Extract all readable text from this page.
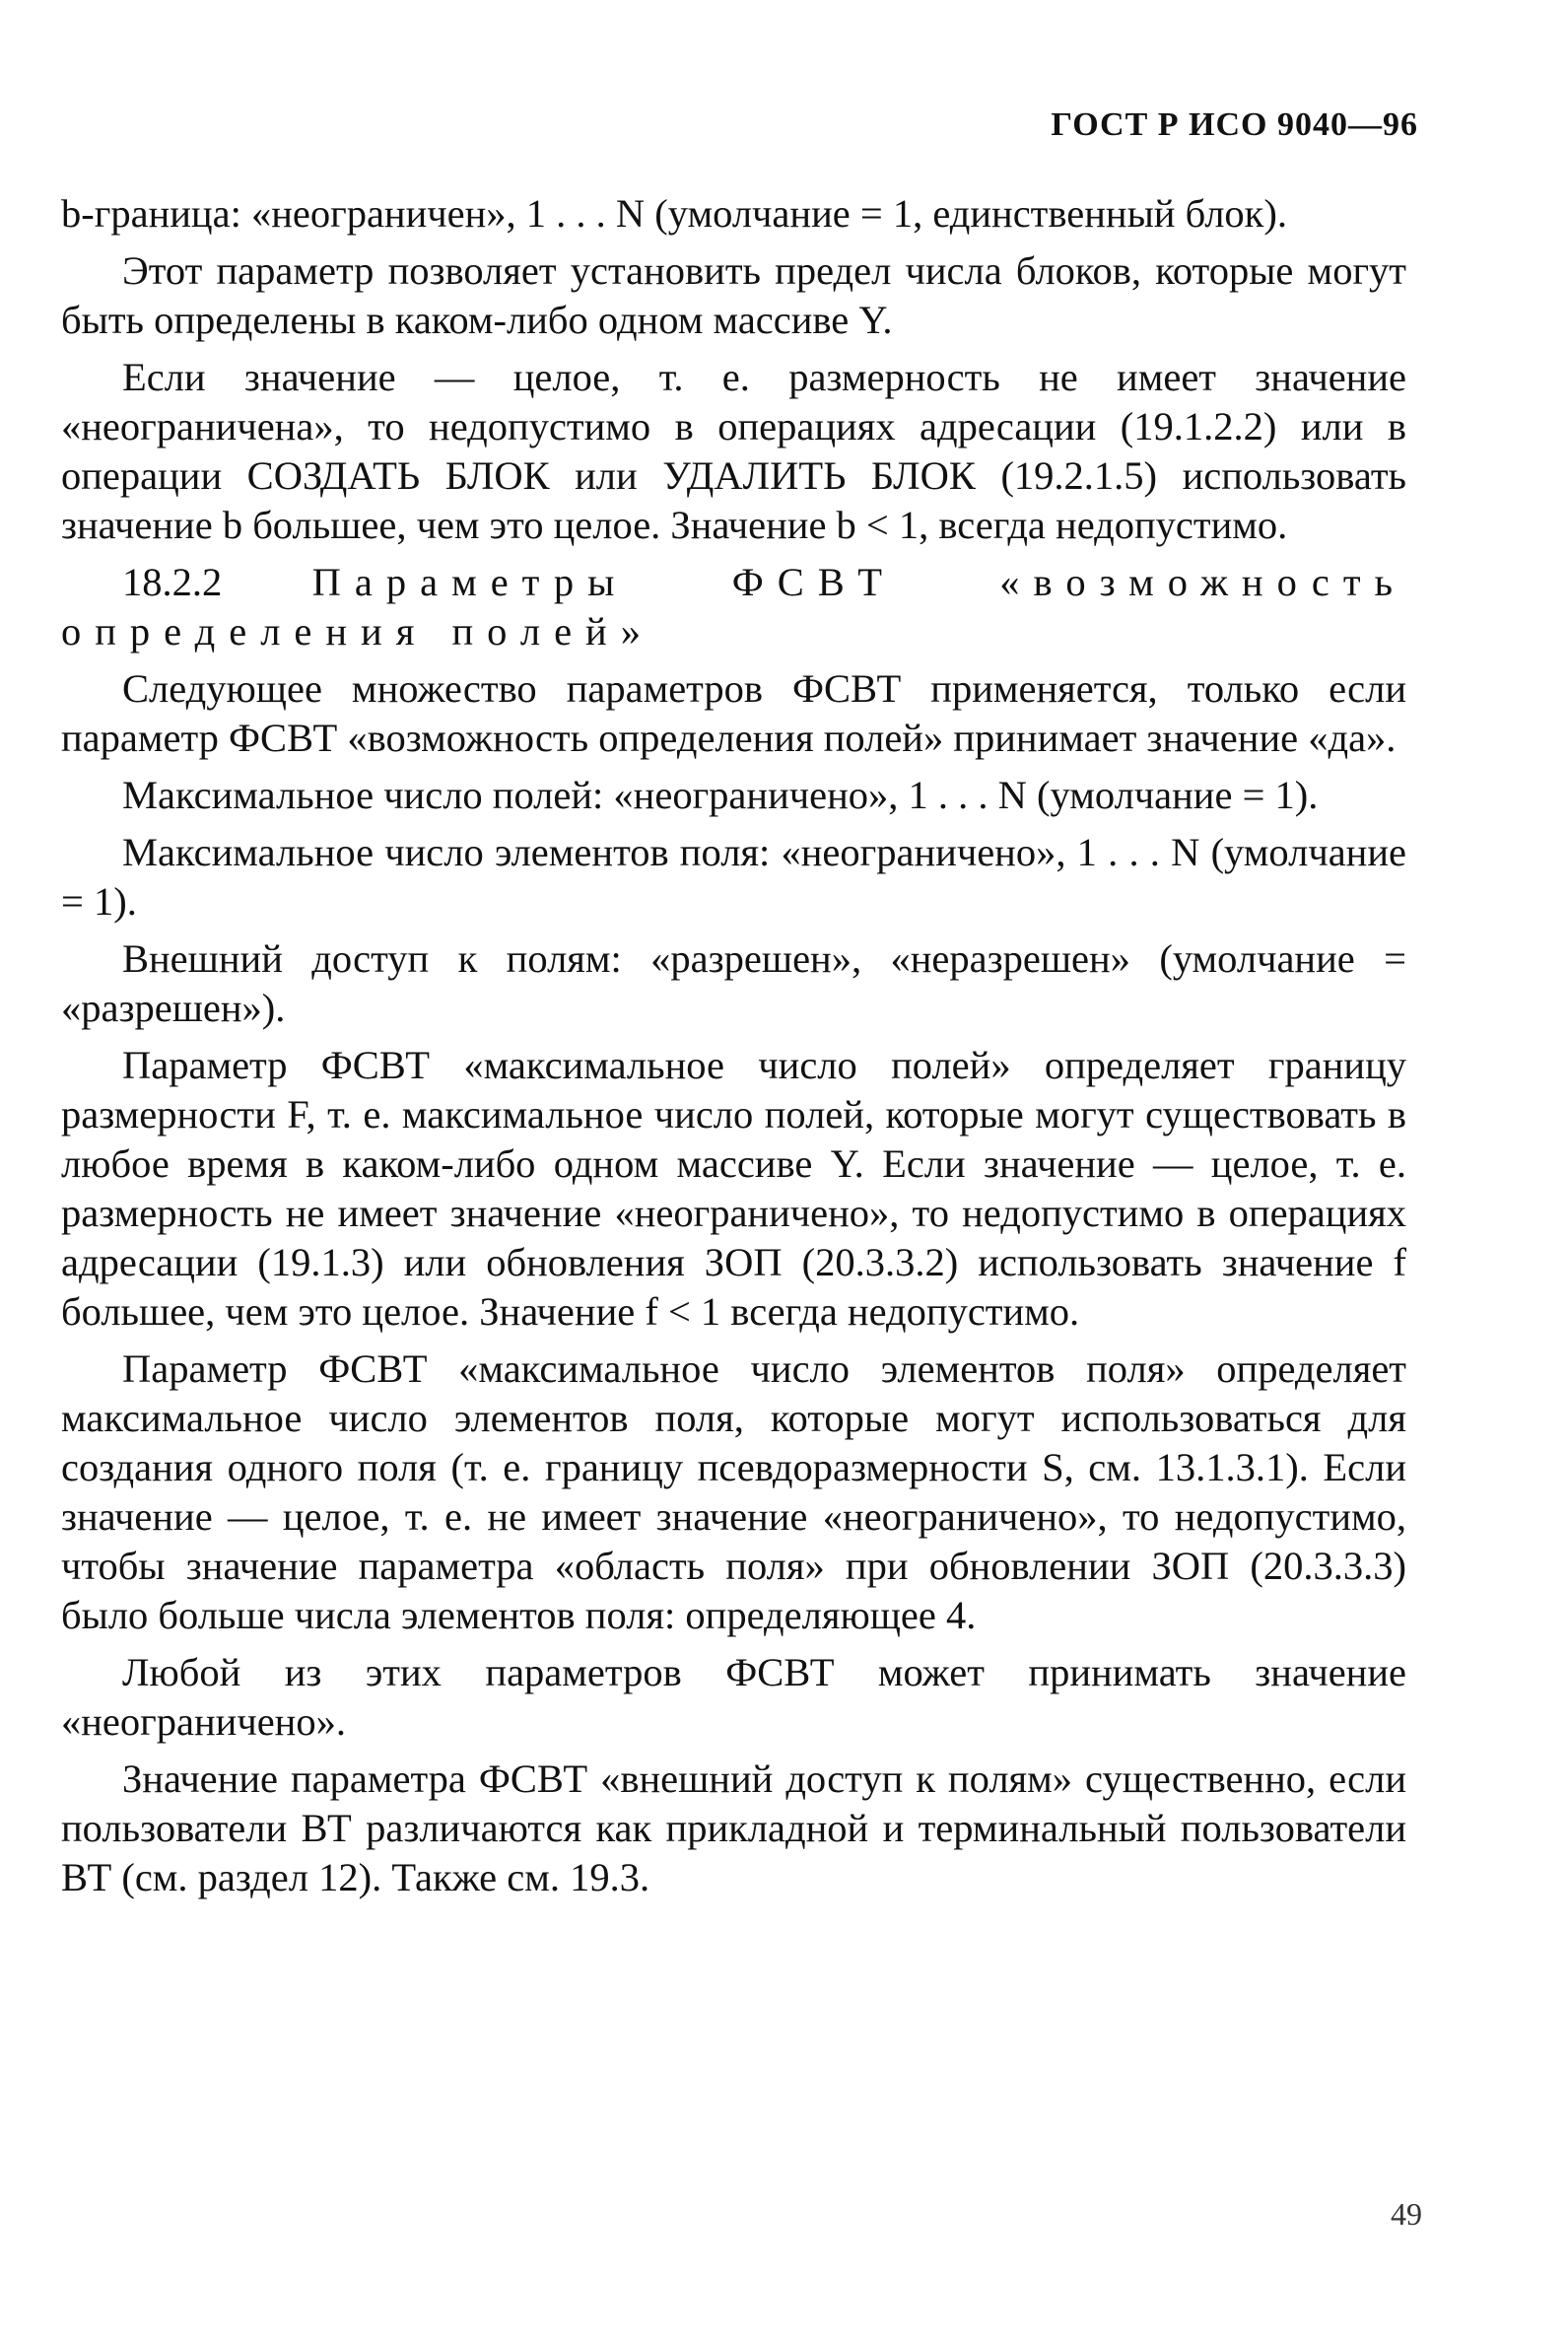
ГОСТ Р ИСО 9040—96

b-граница: «неограничен», 1 . . . N (умолчание = 1, единственный блок).

Этот параметр позволяет установить предел числа блоков, которые могут быть определены в каком-либо одном массиве Y.

Если значение — целое, т. е. размерность не имеет значение «неограничена», то недопустимо в операциях адресации (19.1.2.2) или в операции СОЗДАТЬ БЛОК или УДАЛИТЬ БЛОК (19.2.1.5) использовать значение b большее, чем это целое. Значение b < 1, всегда недопустимо.

18.2.2 Параметры ФСВТ «возможность определения полей»

Следующее множество параметров ФСВТ применяется, только если параметр ФСВТ «возможность определения полей» принимает значение «да».

Максимальное число полей: «неограничено», 1 . . . N (умолчание = 1).

Максимальное число элементов поля: «неограничено», 1 . . . N (умолчание = 1).

Внешний доступ к полям: «разрешен», «неразрешен» (умолчание = «разрешен»).

Параметр ФСВТ «максимальное число полей» определяет границу размерности F, т. е. максимальное число полей, которые могут существовать в любое время в каком-либо одном массиве Y. Если значение — целое, т. е. размерность не имеет значение «неограничено», то недопустимо в операциях адресации (19.1.3) или обновления ЗОП (20.3.3.2) использовать значение f большее, чем это целое. Значение f < 1 всегда недопустимо.

Параметр ФСВТ «максимальное число элементов поля» определяет максимальное число элементов поля, которые могут использоваться для создания одного поля (т. е. границу псевдоразмерности S, см. 13.1.3.1). Если значение — целое, т. е. не имеет значение «неограничено», то недопустимо, чтобы значение параметра «область поля» при обновлении ЗОП (20.3.3.3) было больше числа элементов поля: определяющее 4.

Любой из этих параметров ФСВТ может принимать значение «неограничено».

Значение параметра ФСВТ «внешний доступ к полям» существенно, если пользователи ВТ различаются как прикладной и терминальный пользователи ВТ (см. раздел 12). Также см. 19.3.

49
